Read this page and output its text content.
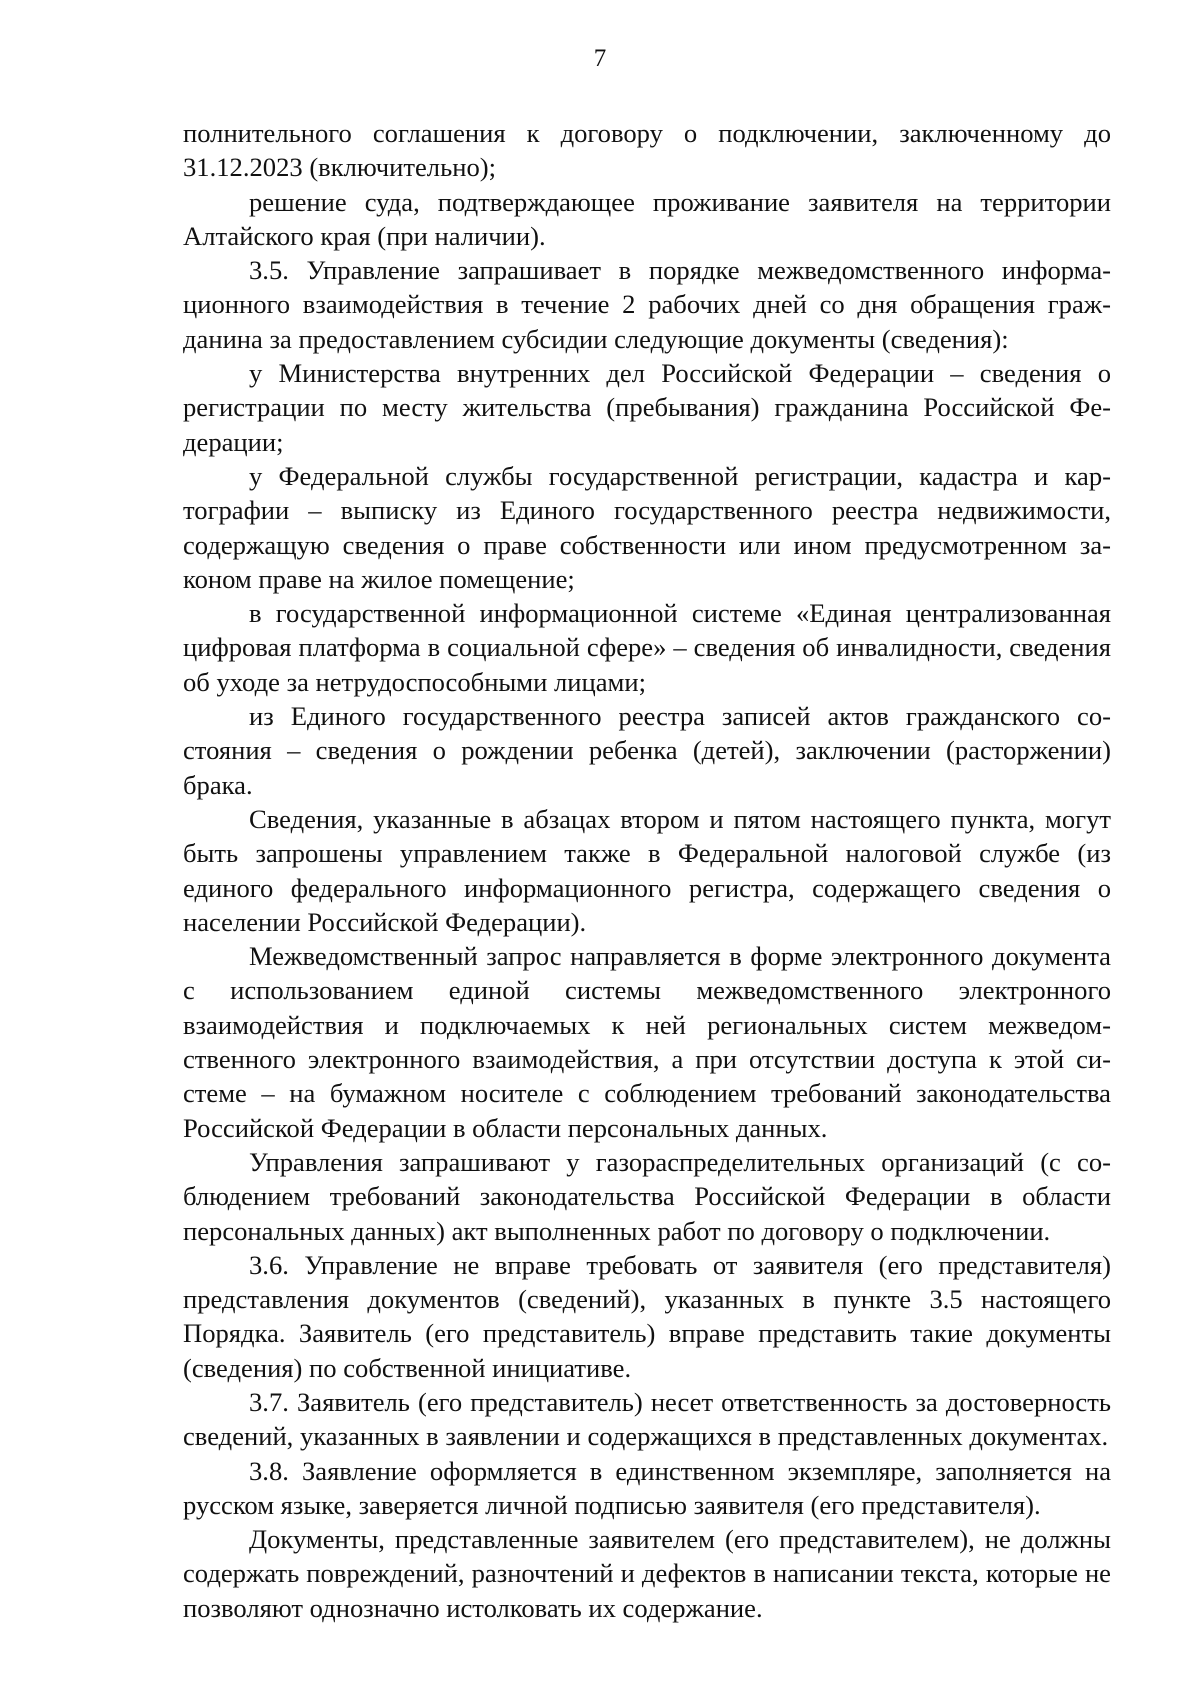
7

полнительного соглашения к договору о подключении, заключенному до 31.12.2023 (включительно);

решение суда, подтверждающее проживание заявителя на территории Алтайского края (при наличии).

3.5. Управление запрашивает в порядке межведомственного информационного взаимодействия в течение 2 рабочих дней со дня обращения гражданина за предоставлением субсидии следующие документы (сведения):

у Министерства внутренних дел Российской Федерации – сведения о регистрации по месту жительства (пребывания) гражданина Российской Федерации;

у Федеральной службы государственной регистрации, кадастра и картографии – выписку из Единого государственного реестра недвижимости, содержащую сведения о праве собственности или ином предусмотренном законом праве на жилое помещение;

в государственной информационной системе «Единая централизованная цифровая платформа в социальной сфере» – сведения об инвалидности, сведения об уходе за нетрудоспособными лицами;

из Единого государственного реестра записей актов гражданского состояния – сведения о рождении ребенка (детей), заключении (расторжении) брака.

Сведения, указанные в абзацах втором и пятом настоящего пункта, могут быть запрошены управлением также в Федеральной налоговой службе (из единого федерального информационного регистра, содержащего сведения о населении Российской Федерации).

Межведомственный запрос направляется в форме электронного документа с использованием единой системы межведомственного электронного взаимодействия и подключаемых к ней региональных систем межведомственного электронного взаимодействия, а при отсутствии доступа к этой системе – на бумажном носителе с соблюдением требований законодательства Российской Федерации в области персональных данных.

Управления запрашивают у газораспределительных организаций (с соблюдением требований законодательства Российской Федерации в области персональных данных) акт выполненных работ по договору о подключении.

3.6. Управление не вправе требовать от заявителя (его представителя) представления документов (сведений), указанных в пункте 3.5 настоящего Порядка. Заявитель (его представитель) вправе представить такие документы (сведения) по собственной инициативе.

3.7. Заявитель (его представитель) несет ответственность за достоверность сведений, указанных в заявлении и содержащихся в представленных документах.

3.8. Заявление оформляется в единственном экземпляре, заполняется на русском языке, заверяется личной подписью заявителя (его представителя).

Документы, представленные заявителем (его представителем), не должны содержать повреждений, разночтений и дефектов в написании текста, которые не позволяют однозначно истолковать их содержание.
